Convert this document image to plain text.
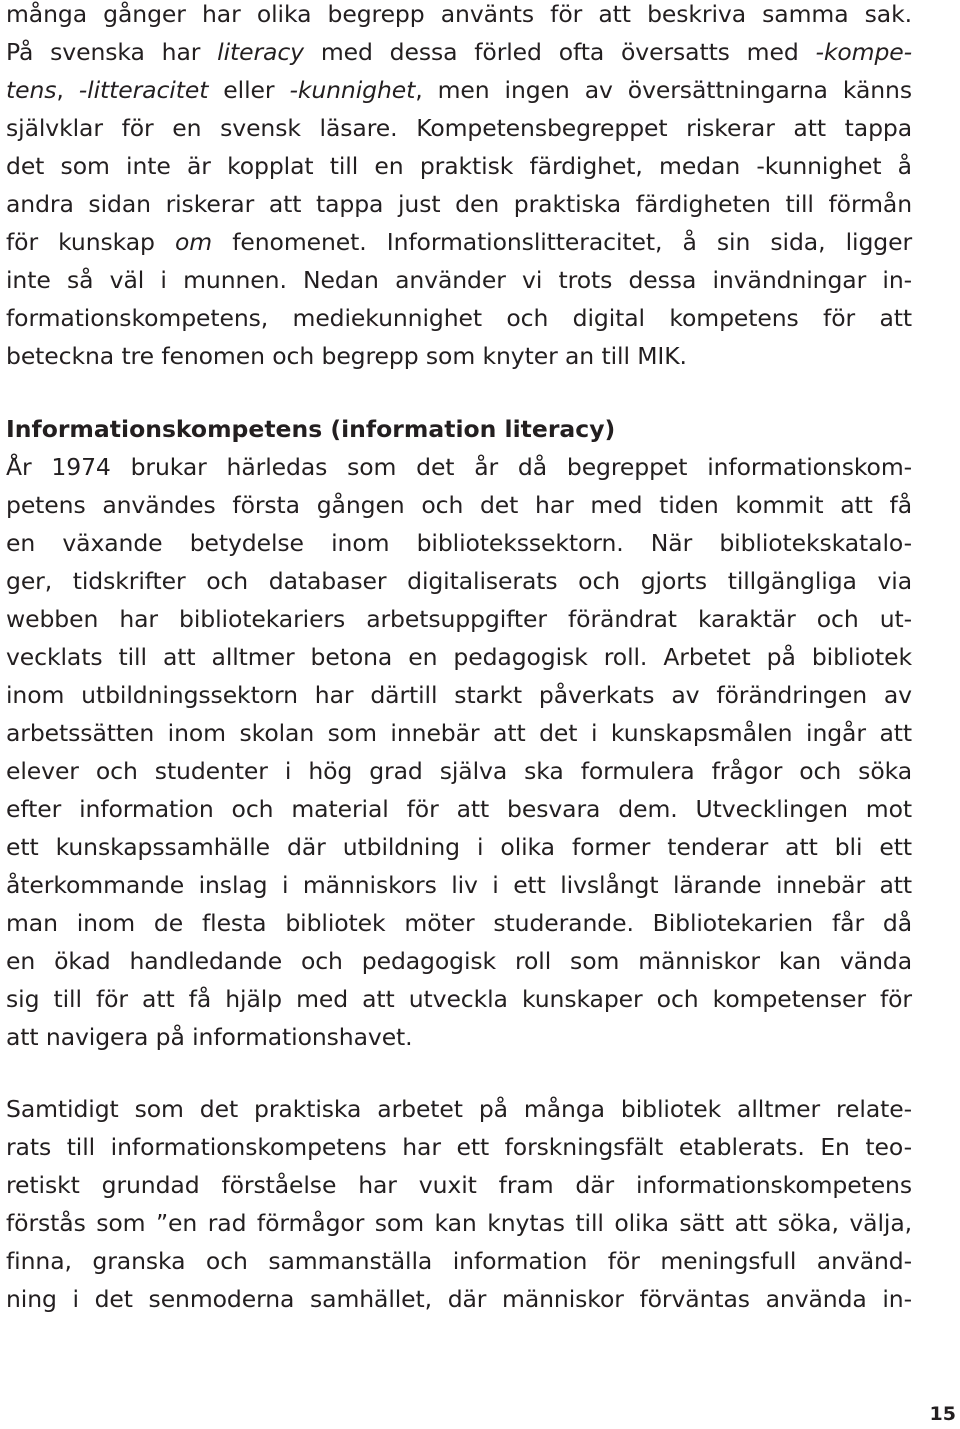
många gånger har olika begrepp använts för att beskriva samma sak.
På svenska har literacy med dessa förled ofta översatts med -kompe-
tens, -litteracitet eller -kunnighet, men ingen av översättningarna känns
självklar för en svensk läsare. Kompetensbegreppet riskerar att tappa
det som inte är kopplat till en praktisk färdighet, medan -kunnighet å
andra sidan riskerar att tappa just den praktiska färdigheten till förmån
för kunskap om fenomenet. Informationslitteracitet, å sin sida, ligger
inte så väl i munnen. Nedan använder vi trots dessa invändningar in-
formationskompetens, mediekunnighet och digital kompetens för att
beteckna tre fenomen och begrepp som knyter an till MIK.
Informationskompetens (information literacy)
År 1974 brukar härledas som det år då begreppet informationskom-
petens användes första gången och det har med tiden kommit att få
en växande betydelse inom bibliotekssektorn. När bibliotekskatalo-
ger, tidskrifter och databaser digitaliserats och gjorts tillgängliga via
webben har bibliotekariers arbetsuppgifter förändrat karaktär och ut-
vecklats till att alltmer betona en pedagogisk roll. Arbetet på bibliotek
inom utbildningssektorn har därtill starkt påverkats av förändringen av
arbetssätten inom skolan som innebär att det i kunskapsmålen ingår att
elever och studenter i hög grad själva ska formulera frågor och söka
efter information och material för att besvara dem. Utvecklingen mot
ett kunskapssamhälle där utbildning i olika former tenderar att bli ett
återkommande inslag i människors liv i ett livslångt lärande innebär att
man inom de flesta bibliotek möter studerande. Bibliotekarien får då
en ökad handledande och pedagogisk roll som människor kan vända
sig till för att få hjälp med att utveckla kunskaper och kompetenser för
att navigera på informationshavet.
Samtidigt som det praktiska arbetet på många bibliotek alltmer relate-
rats till informationskompetens har ett forskningsfält etablerats. En teo-
retiskt grundad förståelse har vuxit fram där informationskompetens
förstås som ”en rad förmågor som kan knytas till olika sätt att söka, välja,
finna, granska och sammanställa information för meningsfull använd-
ning i det senmoderna samhället, där människor förväntas använda in-
15
